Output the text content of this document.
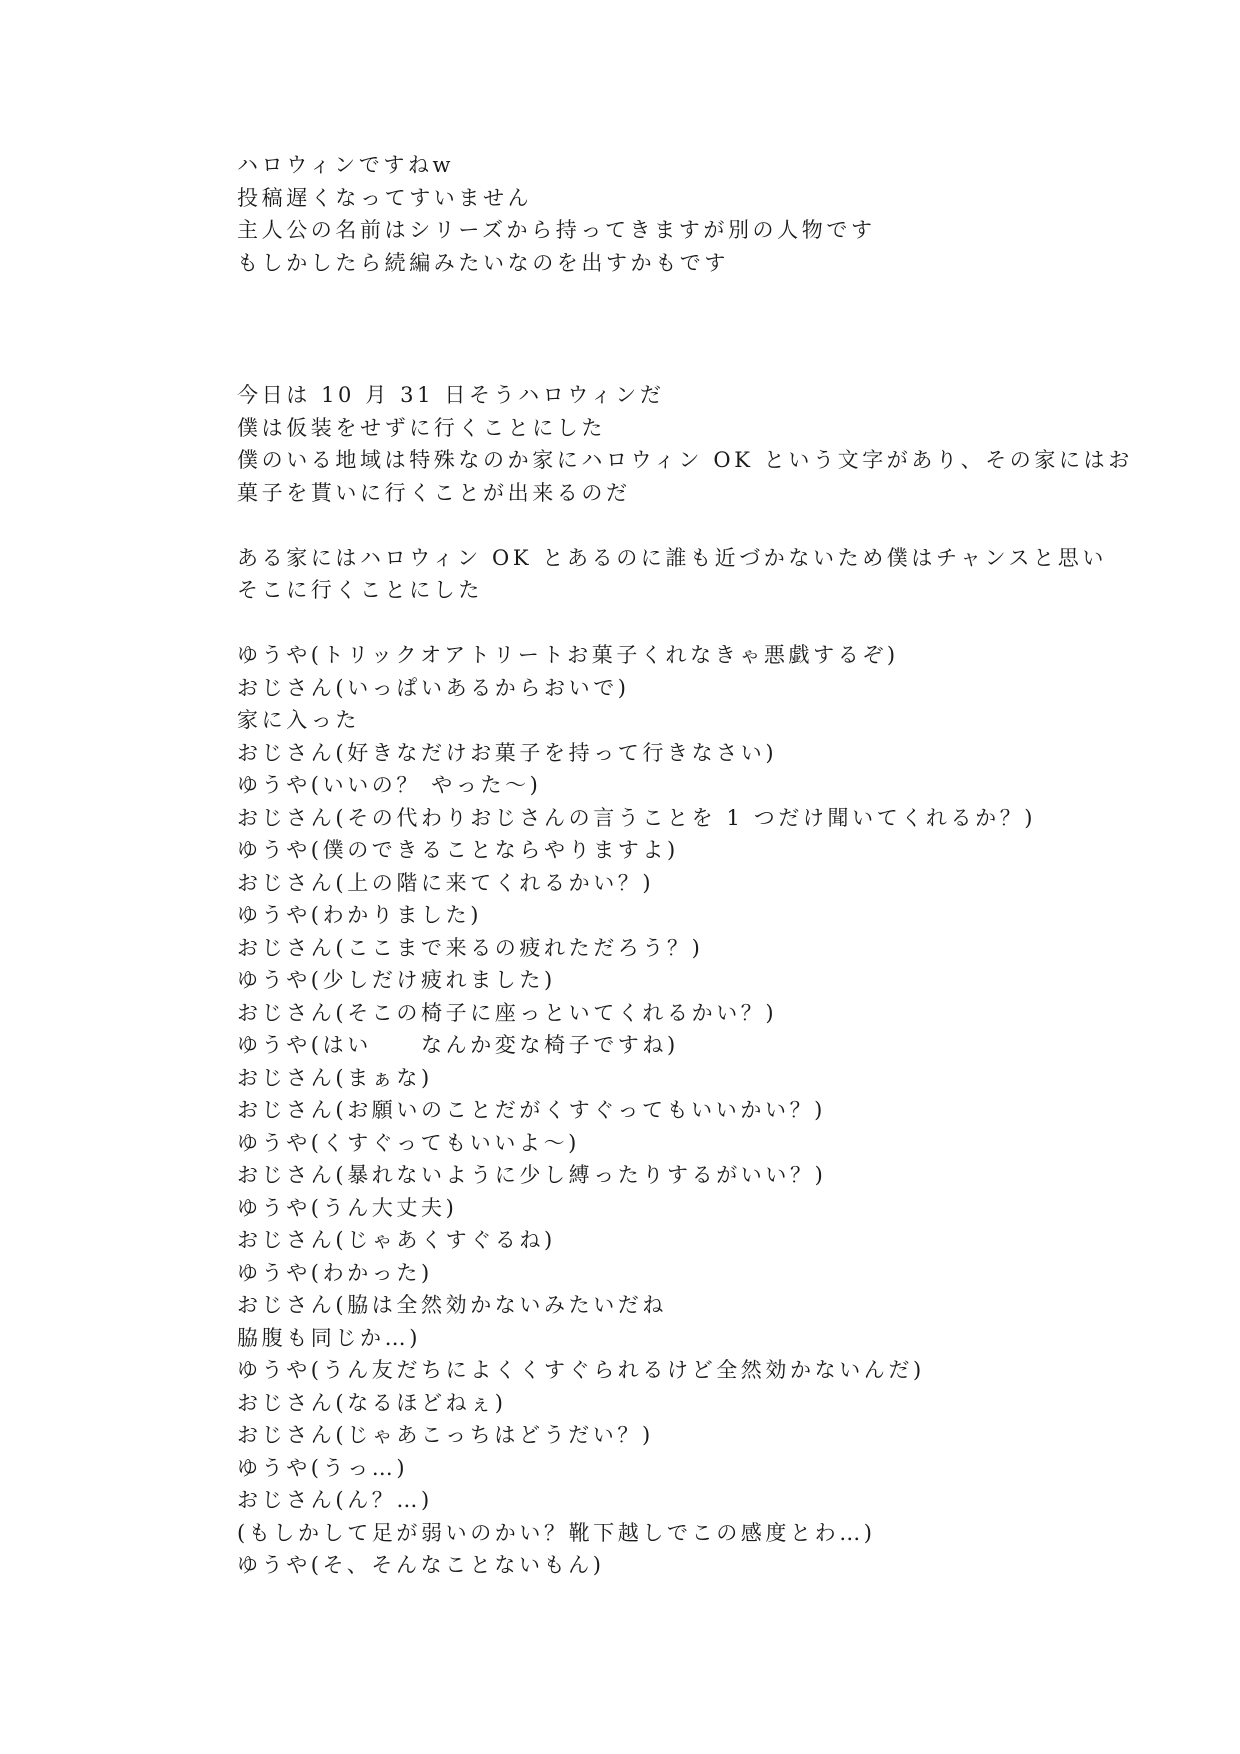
ハロウィンですねw
投稿遅くなってすいません
主人公の名前はシリーズから持ってきますが別の人物です
もしかしたら続編みたいなのを出すかもです
今日は 10 月 31 日そうハロウィンだ
僕は仮装をせずに行くことにした
僕のいる地域は特殊なのか家にハロウィン OK という文字があり、その家にはお
菓子を貰いに行くことが出来るのだ
ある家にはハロウィン OK とあるのに誰も近づかないため僕はチャンスと思い
そこに行くことにした
ゆうや(トリックオアトリートお菓子くれなきゃ悪戯するぞ)
おじさん(いっぱいあるからおいで)
家に入った
おじさん(好きなだけお菓子を持って行きなさい)
ゆうや(いいの？ やった～)
おじさん(その代わりおじさんの言うことを 1 つだけ聞いてくれるか？)
ゆうや(僕のできることならやりますよ)
おじさん(上の階に来てくれるかい？)
ゆうや(わかりました)
おじさん(ここまで来るの疲れただろう？)
ゆうや(少しだけ疲れました)
おじさん(そこの椅子に座っといてくれるかい？)
ゆうや(はい　　なんか変な椅子ですね)
おじさん(まぁな)
おじさん(お願いのことだがくすぐってもいいかい？)
ゆうや(くすぐってもいいよ～)
おじさん(暴れないように少し縛ったりするがいい？)
ゆうや(うん大丈夫)
おじさん(じゃあくすぐるね)
ゆうや(わかった)
おじさん(脇は全然効かないみたいだね
脇腹も同じか…)
ゆうや(うん友だちによくくすぐられるけど全然効かないんだ)
おじさん(なるほどねぇ)
おじさん(じゃあこっちはどうだい？)
ゆうや(うっ…)
おじさん(ん？…)
(もしかして足が弱いのかい？靴下越しでこの感度とわ…)
ゆうや(そ、そんなことないもん)
